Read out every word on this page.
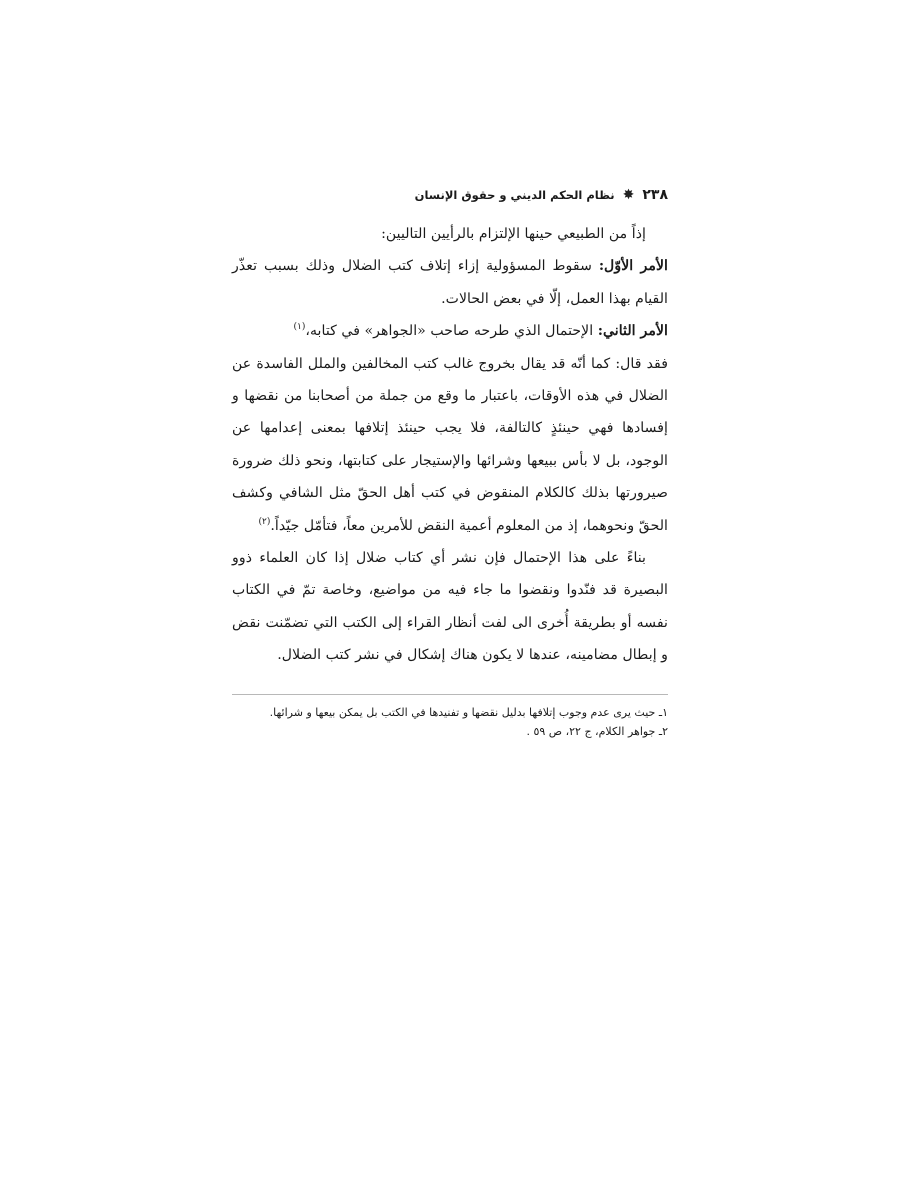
٢٣٨
✸
نظام الحكم الديني و حقوق الإنسان

إذاً من الطبيعي حينها الإلتزام بالرأيين التاليين:

الأمر الأوّل: سقوط المسؤولية إزاء إتلاف كتب الضلال وذلك بسبب تعذّر القيام بهذا العمل، إلّا في بعض الحالات.

الأمر الثاني: الإحتمال الذي طرحه صاحب «الجواهر» في كتابه،$^{(١)}$

فقد قال: كما أنّه قد يقال بخروج غالب كتب المخالفين والملل الفاسدة عن الضلال في هذه الأوقات، باعتبار ما وقع من جملة من أصحابنا من نقضها و إفسادها فهي حينئذٍ كالتالفة، فلا يجب حينئذ إتلافها بمعنى إعدامها عن الوجود، بل لا بأس ببيعها وشرائها والإستيجار على كتابتها، ونحو ذلك ضرورة صيرورتها بذلك كالكلام المنقوض في كتب أهل الحقّ مثل الشافي وكشف الحقّ ونحوهما، إذ من المعلوم أعمية النقض للأمرين معاً، فتأمّل جيّداً.$^{(٢)}$

بناءً على هذا الإحتمال فإن نشر أي كتاب ضلال إذا كان العلماء ذوو البصيرة قد فنّدوا ونقضوا ما جاء فيه من مواضيع، وخاصة تمّ في الكتاب نفسه أو بطريقة أُخرى الى لفت أنظار القراء إلى الكتب التي تضمّنت نقض و إبطال مضامينه، عندها لا يكون هناك إشكال في نشر كتب الضلال.

١ـ حيث يرى عدم وجوب إتلافها بدليل نقضها و تفنيدها في الكتب بل يمكن بيعها و شرائها.

٢ـ جواهر الكلام، ج ٢٢، ص ٥٩ .
